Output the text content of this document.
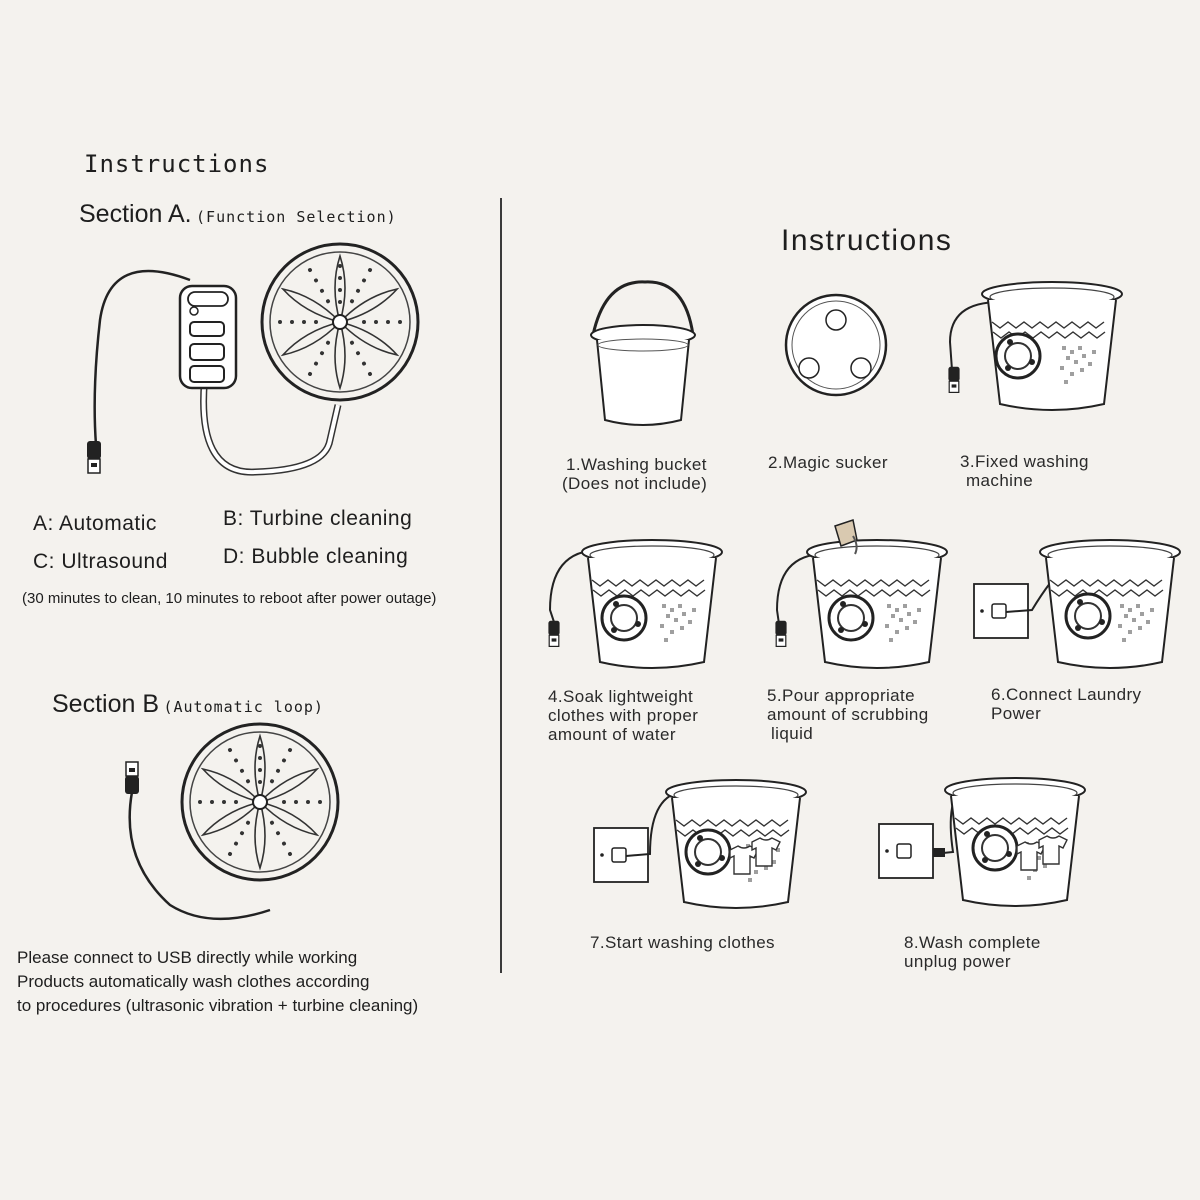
Instructions
Section A. (Function Selection)
A: Automatic	B: Turbine cleaning
C: Ultrasound	D: Bubble cleaning
(30 minutes to clean, 10 minutes to reboot after power outage)
Section B (Automatic loop)
Please connect to USB directly while working
Products automatically wash clothes according
to procedures (ultrasonic vibration + turbine cleaning)
Instructions
1.Washing bucket
(Does not include)
2.Magic sucker	3.Fixed washing
machine
4.Soak lightweight
clothes with proper
amount of water
5.Pour appropriate
amount of scrubbing
liquid
6.Connect Laundry
Power
7.Start washing clothes	8.Wash complete
unplug power
